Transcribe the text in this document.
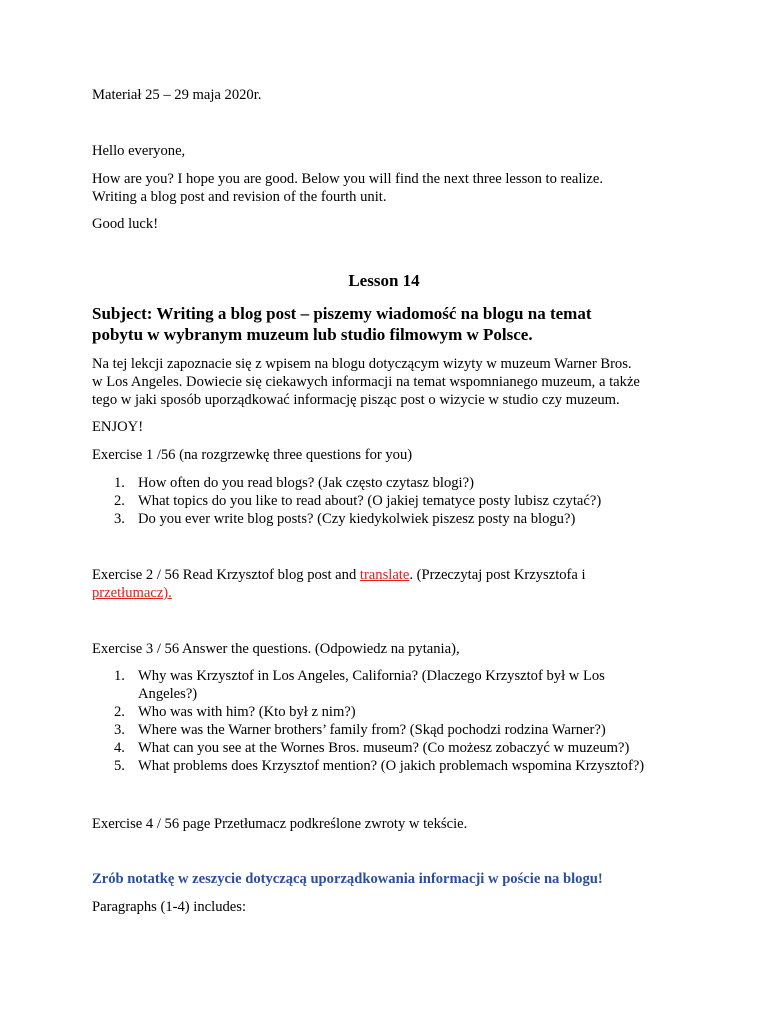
Materiał 25 – 29 maja 2020r.

Hello everyone,

How are you? I hope you are good. Below you will find the next three lesson to realize.

Writing a blog post and revision of the fourth unit.

Good luck!

Lesson 14

Subject: Writing a blog post – piszemy wiadomość na blogu na temat

pobytu w wybranym muzeum lub studio filmowym w Polsce.

Na tej lekcji zapoznacie się z wpisem na blogu dotyczącym wizyty w muzeum Warner Bros.

w Los Angeles. Dowiecie się ciekawych informacji na temat wspomnianego muzeum, a także

tego w jaki sposób uporządkować informację pisząc post o wizycie w studio czy muzeum.

ENJOY!

Exercise 1 /56 (na rozgrzewkę three questions for you)

1. How often do you read blogs? (Jak często czytasz blogi?)
2. What topics do you like to read about? (O jakiej tematyce posty lubisz czytać?)
3. Do you ever write blog posts? (Czy kiedykolwiek piszesz posty na blogu?)

Exercise 2 / 56 Read Krzysztof blog post and translate. (Przeczytaj post Krzysztofa i

przetłumacz).

Exercise 3 / 56 Answer the questions. (Odpowiedz na pytania),

1. Why was Krzysztof in Los Angeles, California? (Dlaczego Krzysztof był w Los
Angeles?)
2. Who was with him? (Kto był z nim?)
3. Where was the Warner brothers’ family from? (Skąd pochodzi rodzina Warner?)
4. What can you see at the Wornes Bros. museum? (Co możesz zobaczyć w muzeum?)
5. What problems does Krzysztof mention? (O jakich problemach wspomina Krzysztof?)

Exercise 4 / 56 page Przetłumacz podkreślone zwroty w tekście.

Zrób notatkę w zeszycie dotyczącą uporządkowania informacji w poście na blogu!

Paragraphs (1-4) includes:
